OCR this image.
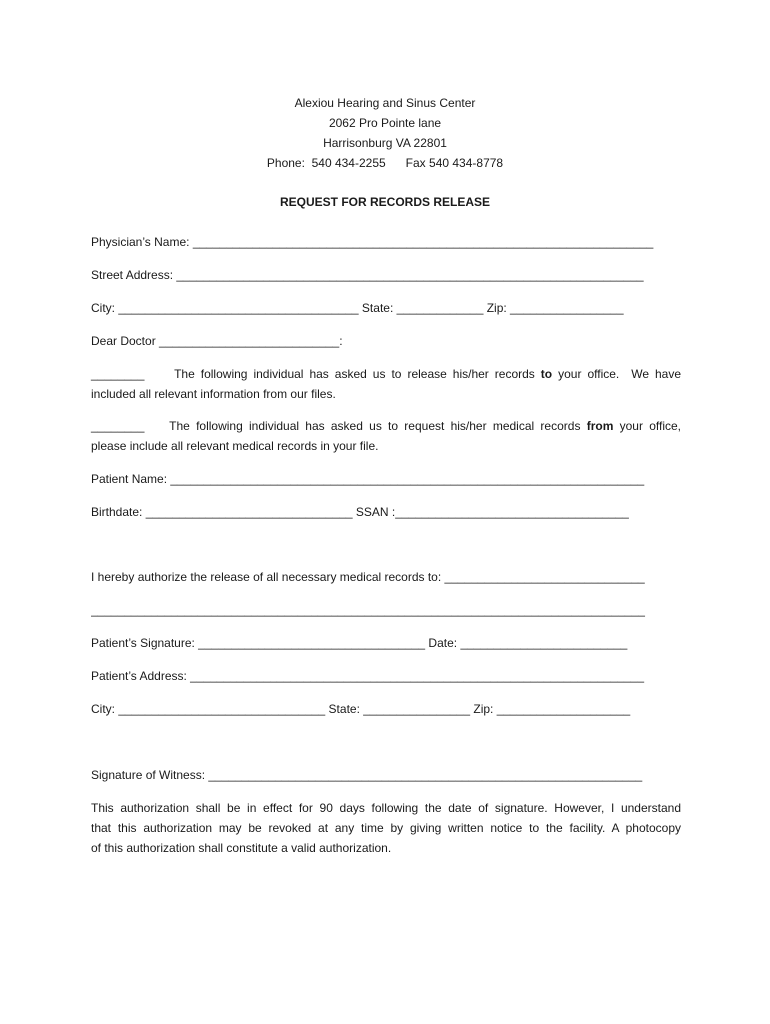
Alexiou Hearing and Sinus Center
2062 Pro Pointe lane
Harrisonburg VA 22801
Phone:  540 434-2255      Fax 540 434-8778
REQUEST FOR RECORDS RELEASE
Physician’s Name: _____________________________________________________________________
Street Address: ______________________________________________________________________
City: ____________________________________ State: _____________ Zip: _________________
Dear Doctor ___________________________:
________     The following individual has asked us to release his/her records to your office.  We have
included all relevant information from our files.
________    The following individual has asked us to request his/her medical records from your office,
please include all relevant medical records in your file.
Patient Name: _______________________________________________________________________
Birthdate: _______________________________ SSAN :___________________________________
I hereby authorize the release of all necessary medical records to: ______________________________
___________________________________________________________________________________
Patient’s Signature: __________________________________ Date: _________________________
Patient’s Address: ____________________________________________________________________
City: _______________________________ State: ________________ Zip: ____________________
Signature of Witness: _________________________________________________________________
This authorization shall be in effect for 90 days following the date of signature. However, I understand
that this authorization may be revoked at any time by giving written notice to the facility. A photocopy
of this authorization shall constitute a valid authorization.
